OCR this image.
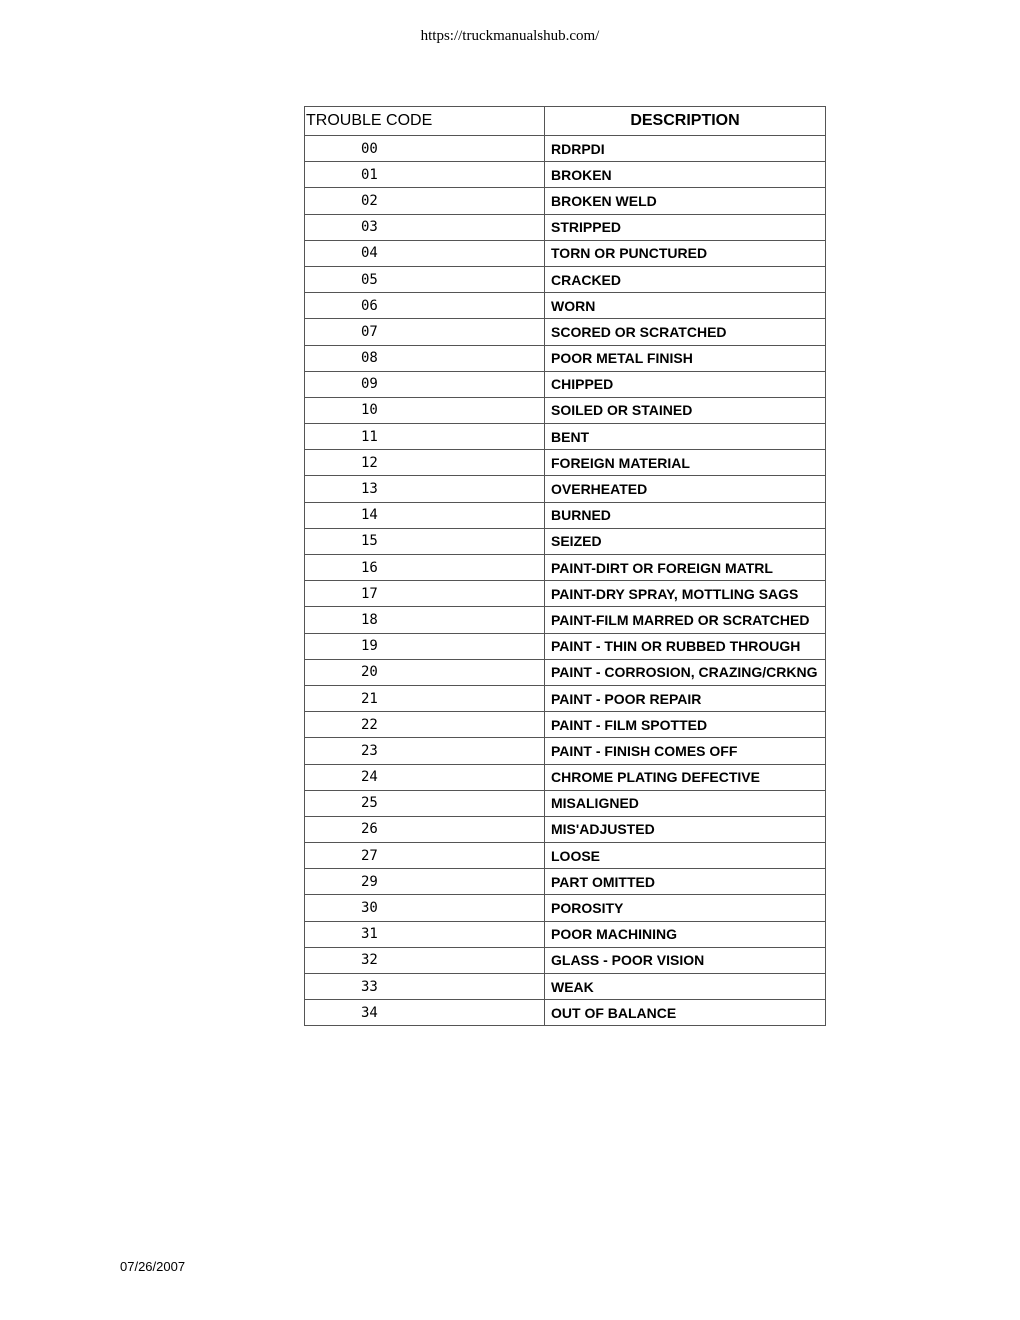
https://truckmanualshub.com/
TROUBLE CODE	DESCRIPTION
00	RDRPDI
01	BROKEN
02	BROKEN WELD
03	STRIPPED
04	TORN OR PUNCTURED
05	CRACKED
06	WORN
07	SCORED OR SCRATCHED
08	POOR METAL FINISH
09	CHIPPED
10	SOILED OR STAINED
11	BENT
12	FOREIGN MATERIAL
13	OVERHEATED
14	BURNED
15	SEIZED
16	PAINT-DIRT OR FOREIGN MATRL
17	PAINT-DRY SPRAY, MOTTLING SAGS
18	PAINT-FILM MARRED OR SCRATCHED
19	PAINT - THIN OR RUBBED THROUGH
20	PAINT - CORROSION, CRAZING/CRKNG
21	PAINT - POOR REPAIR
22	PAINT - FILM SPOTTED
23	PAINT - FINISH COMES OFF
24	CHROME PLATING DEFECTIVE
25	MISALIGNED
26	MIS'ADJUSTED
27	LOOSE
29	PART OMITTED
30	POROSITY
31	POOR MACHINING
32	GLASS - POOR VISION
33	WEAK
34	OUT OF BALANCE
07/26/2007
